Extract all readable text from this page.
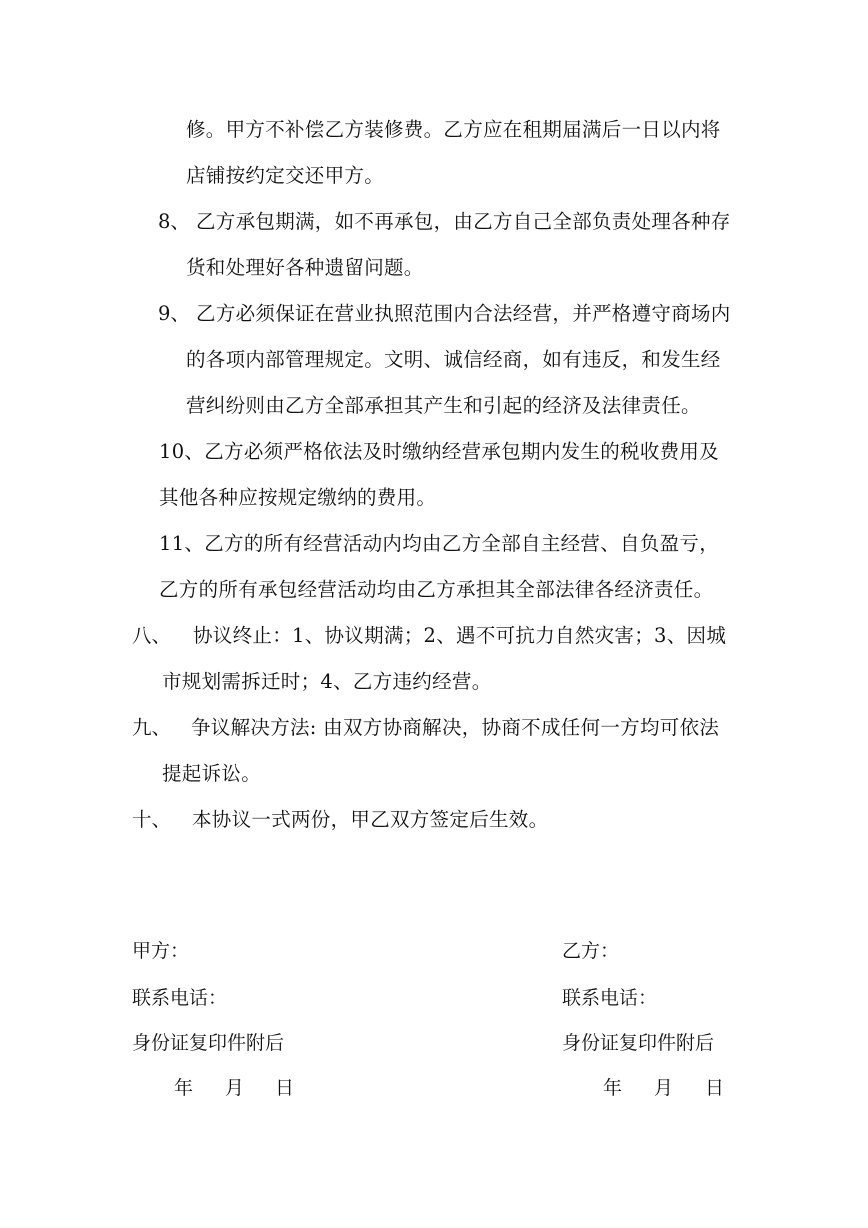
修。甲方不补偿乙方装修费。乙方应在租期届满后一日以内将
店铺按约定交还甲方。
8、 乙方承包期满，如不再承包，由乙方自己全部负责处理各种存
货和处理好各种遗留问题。
9、 乙方必须保证在营业执照范围内合法经营，并严格遵守商场内
的各项内部管理规定。文明、诚信经商，如有违反，和发生经
营纠纷则由乙方全部承担其产生和引起的经济及法律责任。
10、乙方必须严格依法及时缴纳经营承包期内发生的税收费用及
其他各种应按规定缴纳的费用。
11、乙方的所有经营活动内均由乙方全部自主经营、自负盈亏，
乙方的所有承包经营活动均由乙方承担其全部法律各经济责任。
八、 协议终止：1、协议期满；2、遇不可抗力自然灾害；3、因城
市规划需拆迁时；4、乙方违约经营。
九、 争议解决方法: 由双方协商解决，协商不成任何一方均可依法
提起诉讼。
十、 本协议一式两份，甲乙双方签定后生效。
甲方：
联系电话：
身份证复印件附后
年 月 日
乙方：
联系电话：
身份证复印件附后
年 月 日
